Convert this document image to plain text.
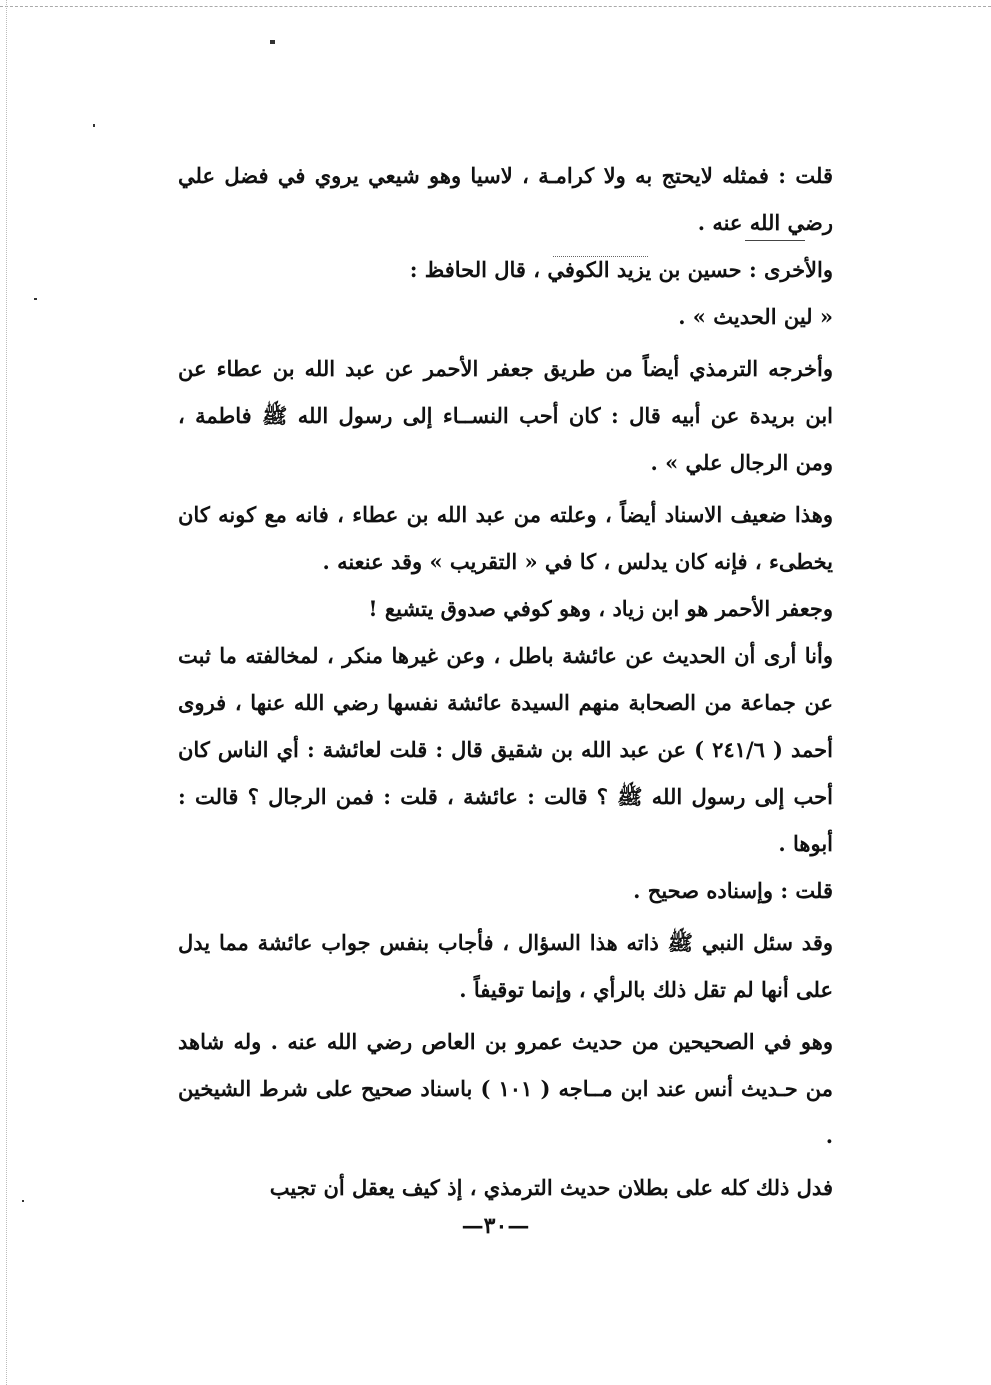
قلت : فمثله لايحتج به ولا كرامـة ، لاسيا وهو شيعي يروي في فضل علي رضي الله عنه .

والأخرى : حسين بن يزيد الكوفي ، قال الحافظ :

« لين الحديث » .

وأخرجه الترمذي أيضاً من طريق جعفر الأحمر عن عبد الله بن عطاء عن ابن بريدة عن أبيه قال : كان أحب النســاء إلى رسول الله ﷺ فاطمة ، ومن الرجال علي » .

وهذا ضعيف الاسناد أيضاً ، وعلته من عبد الله بن عطاء ، فانه مع كونه كان يخطىء ، فإنه كان يدلس ، كا في « التقريب » وقد عنعنه .

وجعفر الأحمر هو ابن زياد ، وهو كوفي صدوق يتشيع !

وأنا أرى أن الحديث عن عائشة باطل ، وعن غيرها منكر ، لمخالفته ما ثبت عن جماعة من الصحابة منهم السيدة عائشة نفسها رضي الله عنها ، فروى أحمد ( ٢٤١/٦ ) عن عبد الله بن شقيق قال : قلت لعائشة : أي الناس كان أحب إلى رسول الله ﷺ ؟ قالت : عائشة ، قلت : فمن الرجال ؟ قالت : أبوها .

قلت : وإسناده صحيح .

وقد سئل النبي ﷺ ذاته هذا السؤال ، فأجاب بنفس جواب عائشة مما يدل على أنها لم تقل ذلك بالرأي ، وإنما توقيفاً .

وهو في الصحيحين من حديث عمرو بن العاص رضي الله عنه . وله شاهد من حـديث أنس عند ابن مــاجه ( ١٠١ ) باسناد صحيح على شرط الشيخين .

فدل ذلك كله على بطلان حديث الترمذي ، إذ كيف يعقل أن تجيب

—٣٠—
